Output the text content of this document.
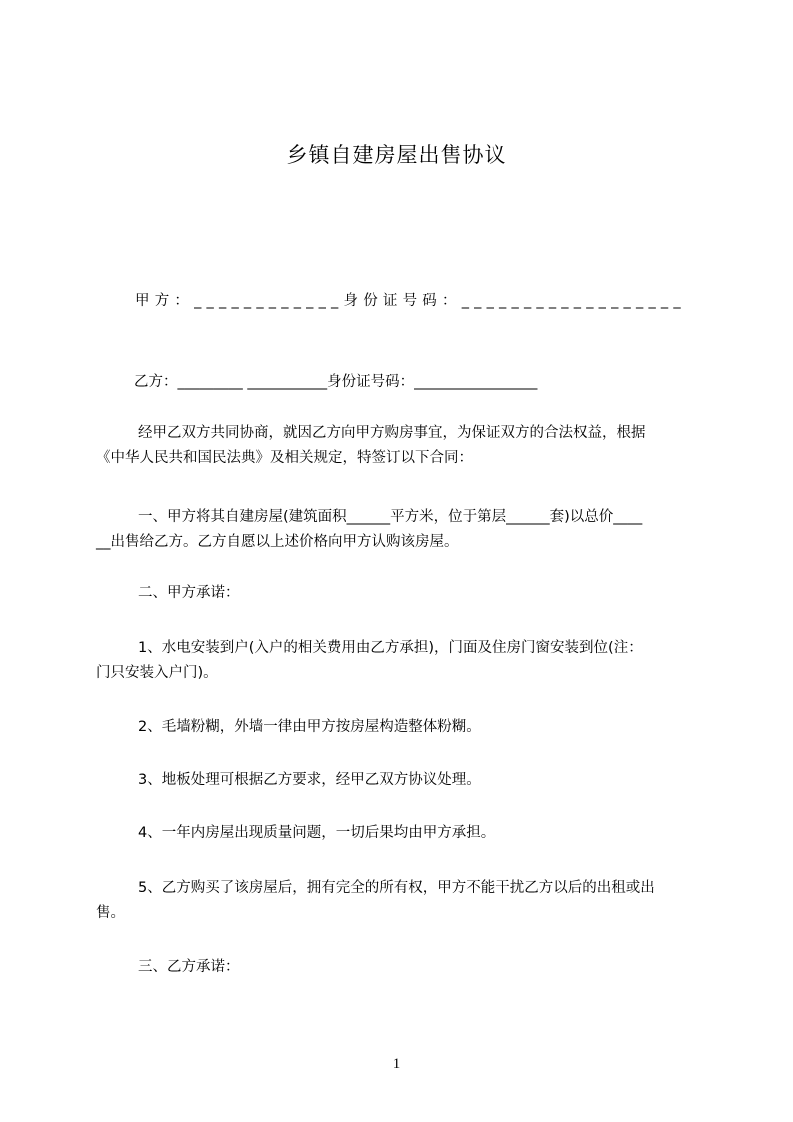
乡镇自建房屋出售协议
甲方：____________身份证号码：__________________
乙方：_________ ___________身份证号码：_________________
经甲乙双方共同协商，就因乙方向甲方购房事宜，为保证双方的合法权益，根据
《中华人民共和国民法典》及相关规定，特签订以下合同：
一、甲方将其自建房屋(建筑面积______平方米，位于第层______套)以总价____
__出售给乙方。乙方自愿以上述价格向甲方认购该房屋。
二、甲方承诺：
1、水电安装到户(入户的相关费用由乙方承担)，门面及住房门窗安装到位(注：
门只安装入户门)。
2、毛墙粉糊，外墙一律由甲方按房屋构造整体粉糊。
3、地板处理可根据乙方要求，经甲乙双方协议处理。
4、一年内房屋出现质量问题，一切后果均由甲方承担。
5、乙方购买了该房屋后，拥有完全的所有权，甲方不能干扰乙方以后的出租或出
售。
三、乙方承诺：
1
